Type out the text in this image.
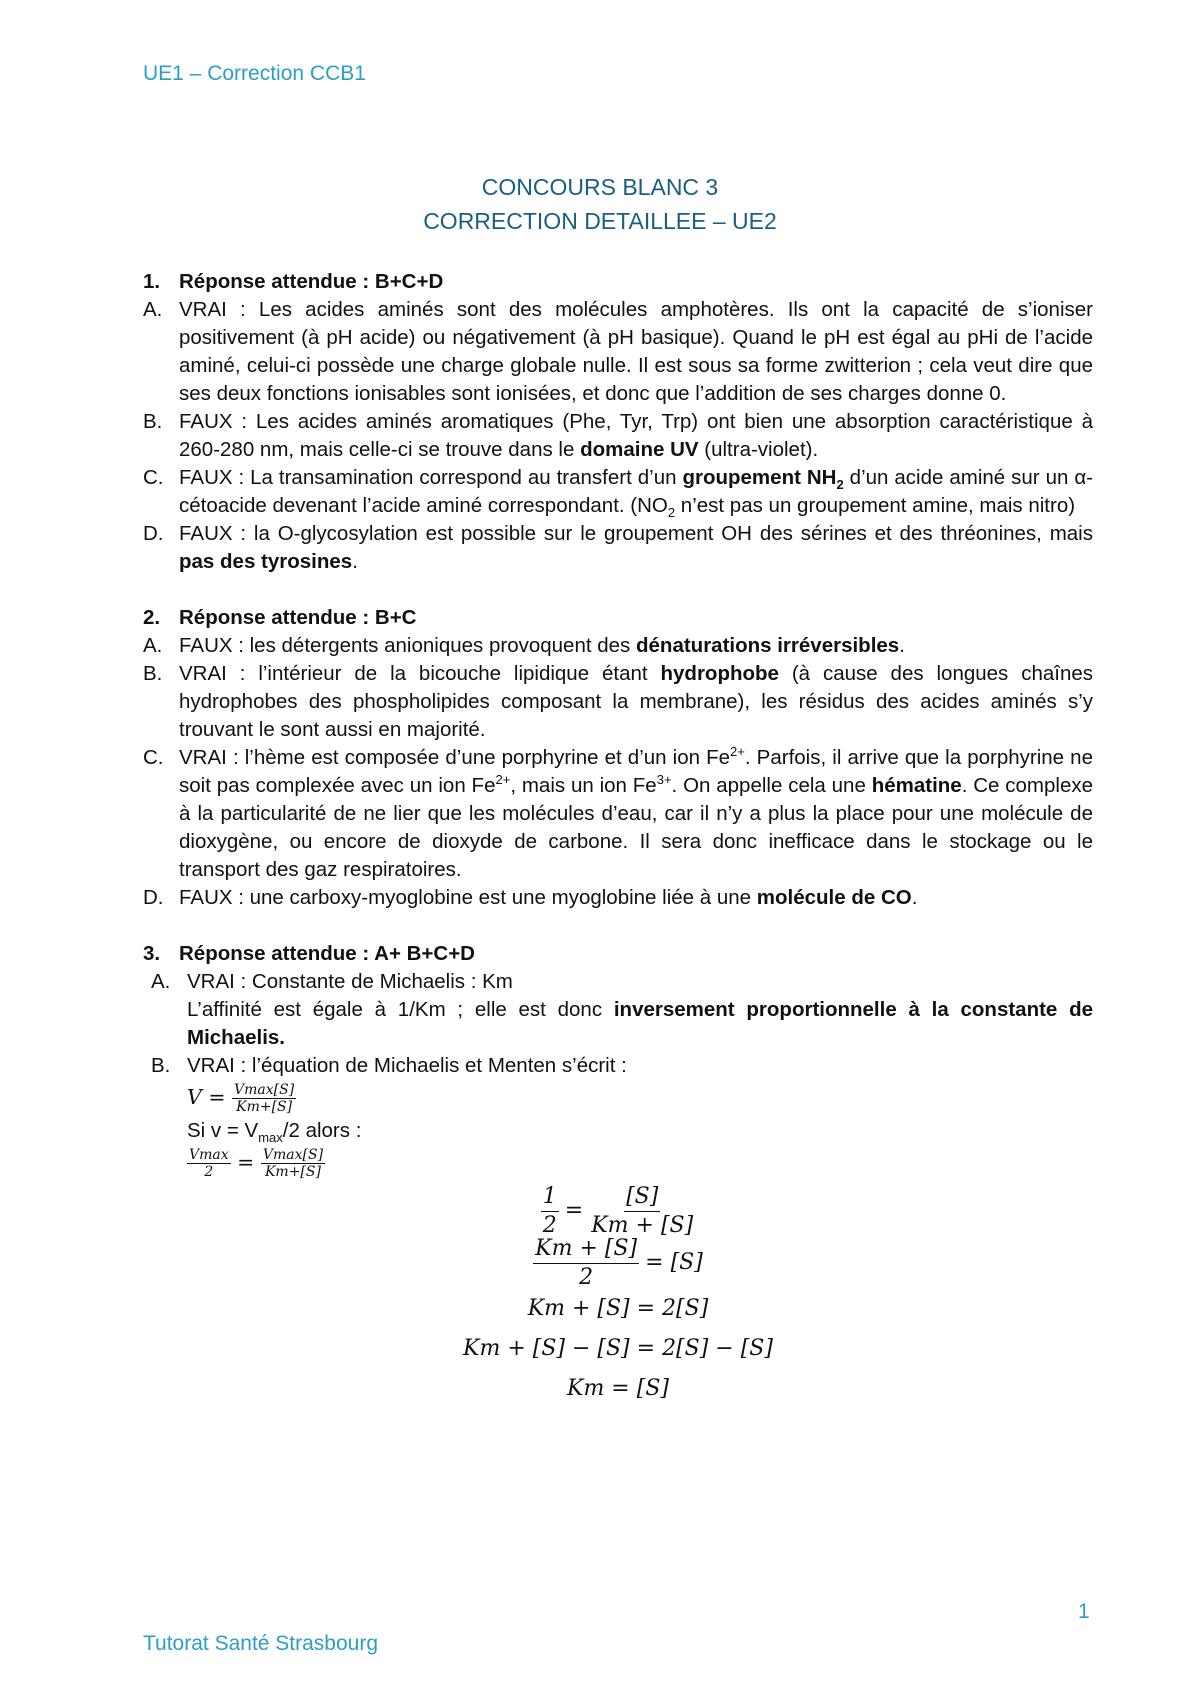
UE1 – Correction CCB1
CONCOURS BLANC 3
CORRECTION DETAILLEE – UE2

1. Réponse attendue : B+C+D

A. VRAI : Les acides aminés sont des molécules amphotères. Ils ont la capacité de s’ioniser positivement (à pH acide) ou négativement (à pH basique). Quand le pH est égal au pHi de l’acide aminé, celui-ci possède une charge globale nulle. Il est sous sa forme zwitterion ; cela veut dire que ses deux fonctions ionisables sont ionisées, et donc que l’addition de ses charges donne 0.
B. FAUX : Les acides aminés aromatiques (Phe, Tyr, Trp) ont bien une absorption caractéristique à 260-280 nm, mais celle-ci se trouve dans le domaine UV (ultra-violet).
C. FAUX : La transamination correspond au transfert d’un groupement $NH_2$ d’un acide aminé sur un α-cétoacide devenant l’acide aminé correspondant. ($NO_2$ n’est pas un groupement amine, mais nitro)
D. FAUX : la O-glycosylation est possible sur le groupement OH des sérines et des thréonines, mais pas des tyrosines.

2. Réponse attendue : B+C

A. FAUX : les détergents anioniques provoquent des dénaturations irréversibles.
B. VRAI : l’intérieur de la bicouche lipidique étant hydrophobe (à cause des longues chaînes hydrophobes des phospholipides composant la membrane), les résidus des acides aminés s’y trouvant le sont aussi en majorité.
C. VRAI : l’hème est composée d’une porphyrine et d’un ion $Fe^{2+}$. Parfois, il arrive que la porphyrine ne soit pas complexée avec un ion $Fe^{2+}$, mais un ion $Fe^{3+}$. On appelle cela une hématine. Ce complexe à la particularité de ne lier que les molécules d’eau, car il n’y a plus la place pour une molécule de dioxygène, ou encore de dioxyde de carbone. Il sera donc inefficace dans le stockage ou le transport des gaz respiratoires.
D. FAUX : une carboxy-myoglobine est une myoglobine liée à une molécule de CO.

3. Réponse attendue : A+ B+C+D

A. VRAI : Constante de Michaelis : Km
L’affinité est égale à 1/Km ; elle est donc inversement proportionnelle à la constante de Michaelis.
B. VRAI : l’équation de Michaelis et Menten s’écrit :
$V = \frac{Vmax[S]}{Km+[S]}$
Si $v = V_{max}/2$ alors :
$\frac{Vmax}{2} = \frac{Vmax[S]}{Km+[S]}$
$\frac{1}{2} = \frac{[S]}{Km + [S]}$
$\frac{Km + [S]}{2} = [S]$
Km + [S] = 2[S]
Km + [S] − [S] = 2[S] − [S]
Km = [S]
1
Tutorat Santé Strasbourg
